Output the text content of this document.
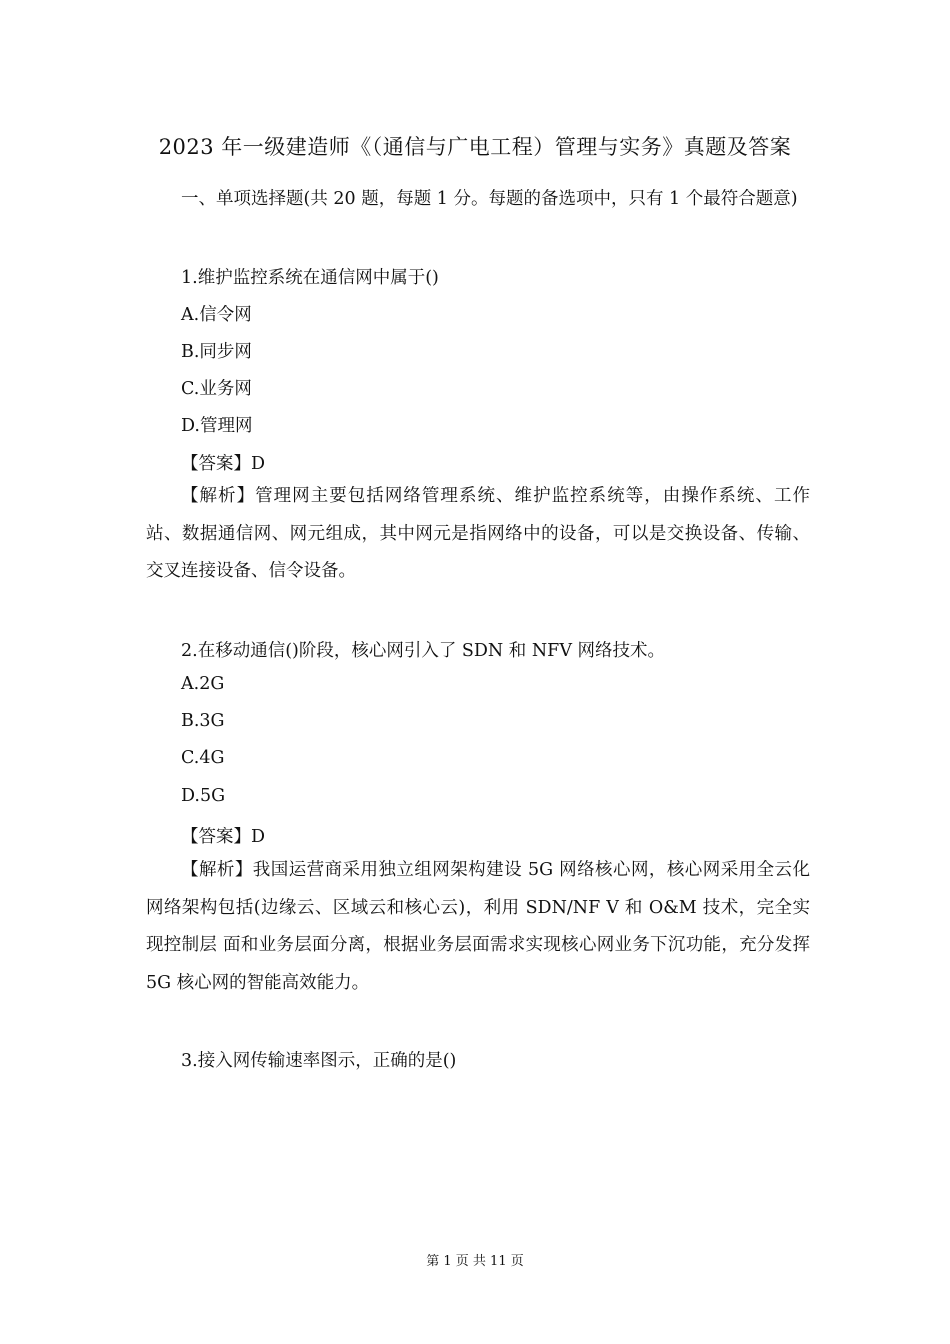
2023 年一级建造师《（通信与广电工程）管理与实务》真题及答案
一、单项选择题(共 20 题，每题 1 分。每题的备选项中，只有 1 个最符合题意)
1.维护监控系统在通信网中属于()
A.信令网
B.同步网
C.业务网
D.管理网
【答案】D
【解析】管理网主要包括网络管理系统、维护监控系统等，由操作系统、工作站、数据通信网、网元组成，其中网元是指网络中的设备，可以是交换设备、传输、交叉连接设备、信令设备。
2.在移动通信()阶段，核心网引入了 SDN 和 NFV 网络技术。
A.2G
B.3G
C.4G
D.5G
【答案】D
【解析】我国运营商采用独立组网架构建设 5G 网络核心网，核心网采用全云化网络架构包括(边缘云、区域云和核心云)，利用 SDN/NF V 和 O&M 技术，完全实现控制层 面和业务层面分离，根据业务层面需求实现核心网业务下沉功能，充分发挥 5G 核心网的智能高效能力。
3.接入网传输速率图示，正确的是()
第 1 页 共 11 页
